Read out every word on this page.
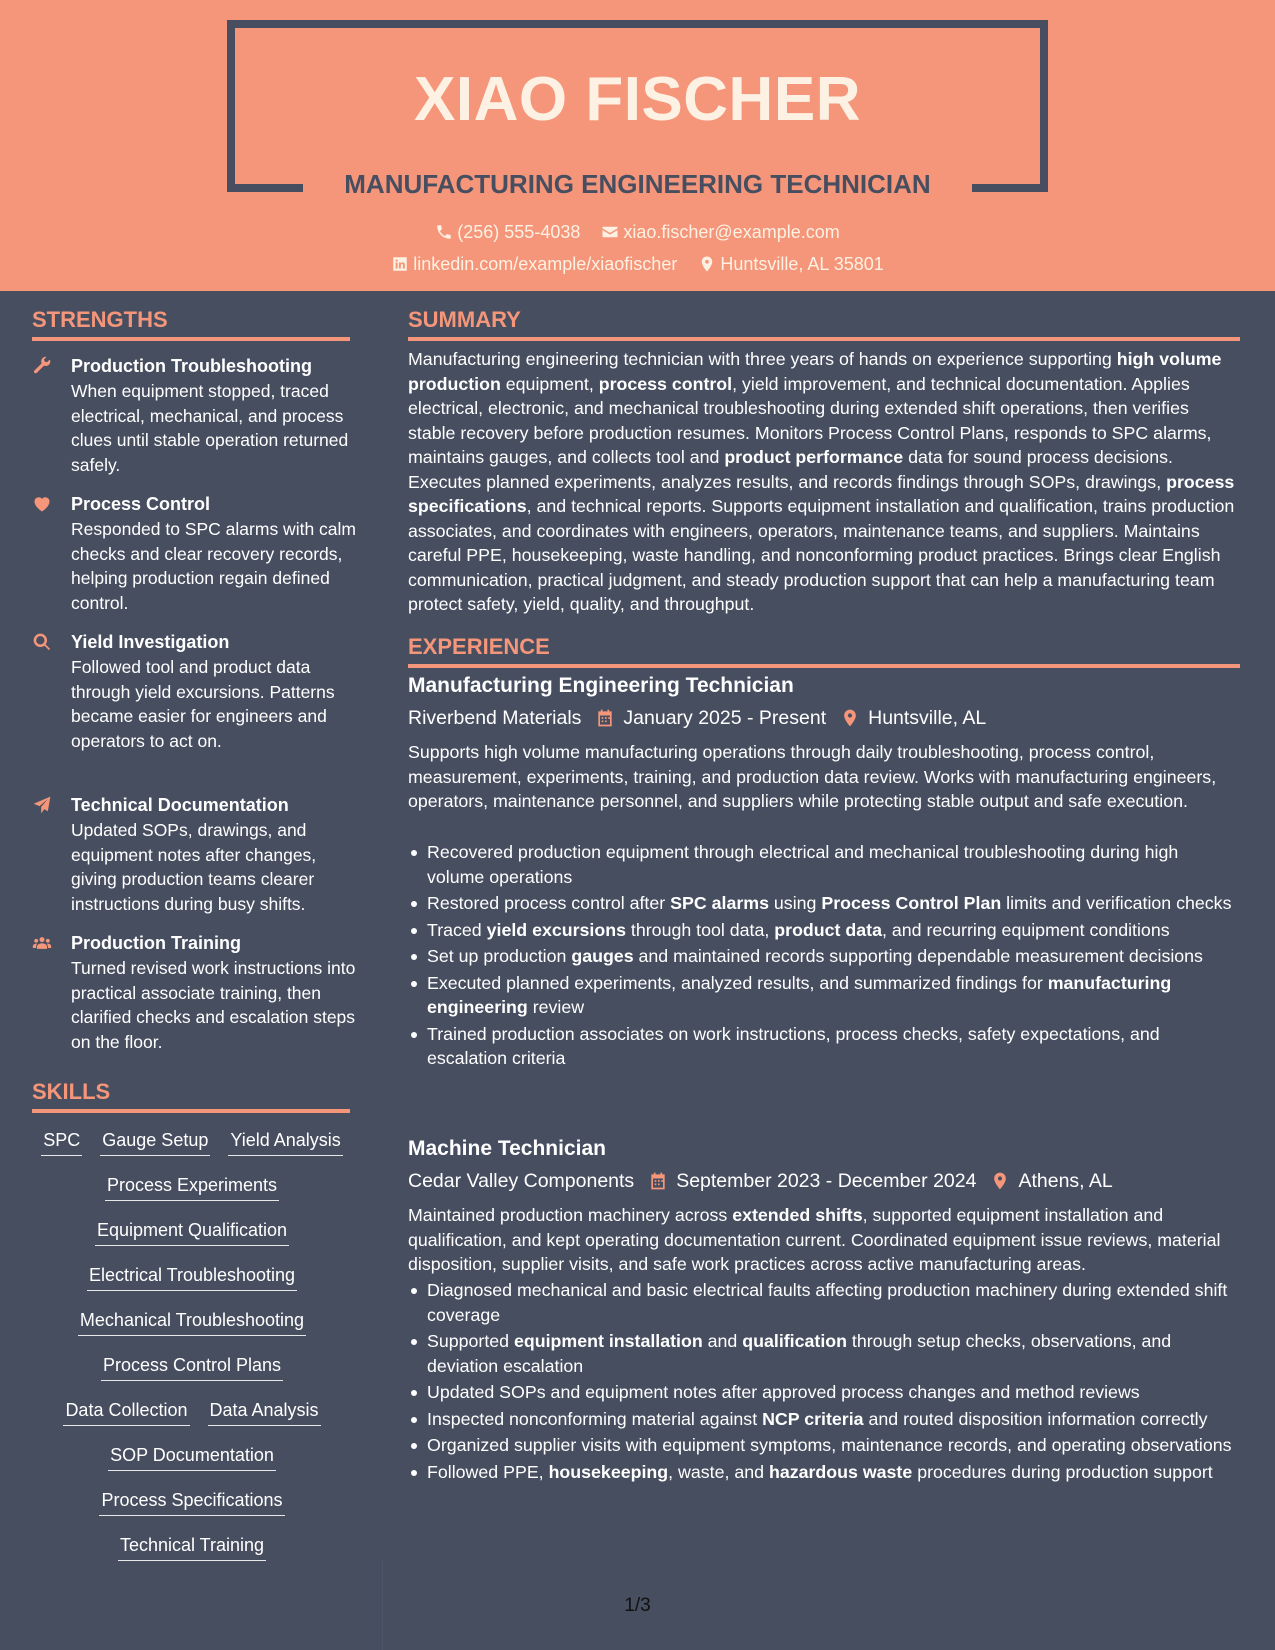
XIAO FISCHER
MANUFACTURING ENGINEERING TECHNICIAN
(256) 555-4038
xiao.fischer@example.com
linkedin.com/example/xiaofischer
Huntsville, AL 35801
STRENGTHS
Production Troubleshooting
When equipment stopped, traced electrical, mechanical, and process clues until stable operation returned safely.
Process Control
Responded to SPC alarms with calm checks and clear recovery records, helping production regain defined control.
Yield Investigation
Followed tool and product data through yield excursions. Patterns became easier for engineers and operators to act on.
Technical Documentation
Updated SOPs, drawings, and equipment notes after changes, giving production teams clearer instructions during busy shifts.
Production Training
Turned revised work instructions into practical associate training, then clarified checks and escalation steps on the floor.
SKILLS
SPC Gauge Setup Yield Analysis
Process Experiments
Equipment Qualification
Electrical Troubleshooting
Mechanical Troubleshooting
Process Control Plans
Data Collection Data Analysis
SOP Documentation
Process Specifications
Technical Training
SUMMARY
Manufacturing engineering technician with three years of hands on experience supporting high volume production equipment, process control, yield improvement, and technical documentation. Applies electrical, electronic, and mechanical troubleshooting during extended shift operations, then verifies stable recovery before production resumes. Monitors Process Control Plans, responds to SPC alarms, maintains gauges, and collects tool and product performance data for sound process decisions. Executes planned experiments, analyzes results, and records findings through SOPs, drawings, process specifications, and technical reports. Supports equipment installation and qualification, trains production associates, and coordinates with engineers, operators, maintenance teams, and suppliers. Maintains careful PPE, housekeeping, waste handling, and nonconforming product practices. Brings clear English communication, practical judgment, and steady production support that can help a manufacturing team protect safety, yield, quality, and throughput.
EXPERIENCE
Manufacturing Engineering Technician
Riverbend Materials January 2025 - Present Huntsville, AL
Supports high volume manufacturing operations through daily troubleshooting, process control, measurement, experiments, training, and production data review. Works with manufacturing engineers, operators, maintenance personnel, and suppliers while protecting stable output and safe execution.
Recovered production equipment through electrical and mechanical troubleshooting during high volume operations
Restored process control after SPC alarms using Process Control Plan limits and verification checks
Traced yield excursions through tool data, product data, and recurring equipment conditions
Set up production gauges and maintained records supporting dependable measurement decisions
Executed planned experiments, analyzed results, and summarized findings for manufacturing engineering review
Trained production associates on work instructions, process checks, safety expectations, and escalation criteria
Machine Technician
Cedar Valley Components September 2023 - December 2024 Athens, AL
Maintained production machinery across extended shifts, supported equipment installation and qualification, and kept operating documentation current. Coordinated equipment issue reviews, material disposition, supplier visits, and safe work practices across active manufacturing areas.
Diagnosed mechanical and basic electrical faults affecting production machinery during extended shift coverage
Supported equipment installation and qualification through setup checks, observations, and deviation escalation
Updated SOPs and equipment notes after approved process changes and method reviews
Inspected nonconforming material against NCP criteria and routed disposition information correctly
Organized supplier visits with equipment symptoms, maintenance records, and operating observations
Followed PPE, housekeeping, waste, and hazardous waste procedures during production support
1/3
